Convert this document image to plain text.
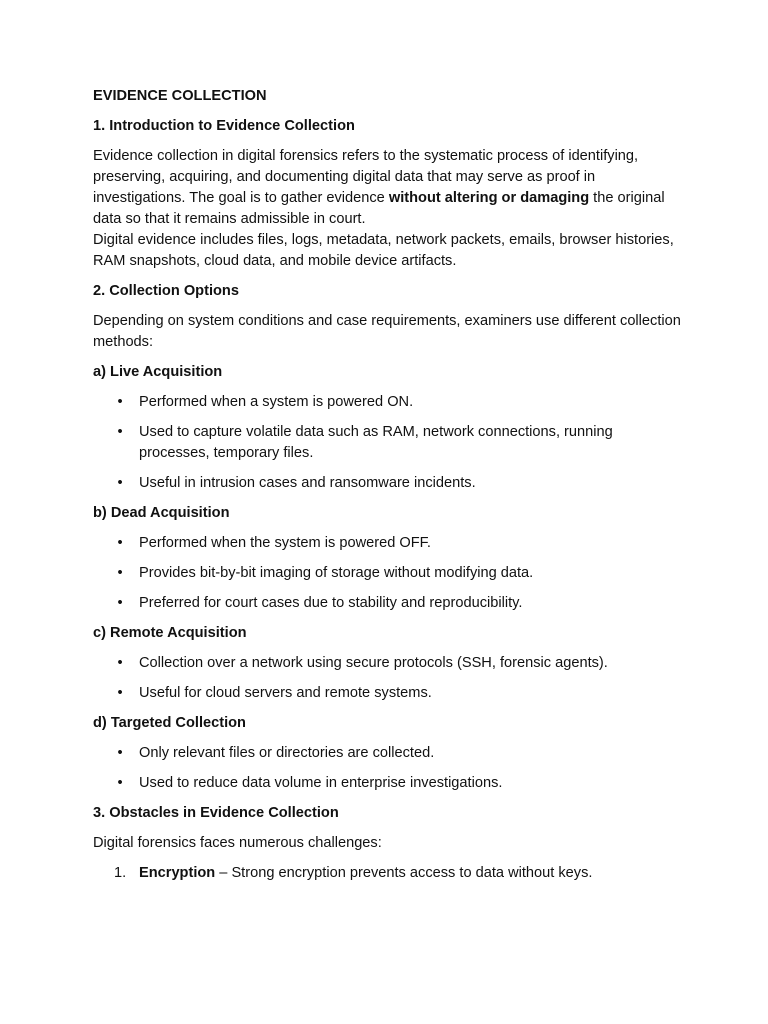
EVIDENCE COLLECTION

1. Introduction to Evidence Collection

Evidence collection in digital forensics refers to the systematic process of identifying, preserving, acquiring, and documenting digital data that may serve as proof in investigations. The goal is to gather evidence without altering or damaging the original data so that it remains admissible in court.
Digital evidence includes files, logs, metadata, network packets, emails, browser histories, RAM snapshots, cloud data, and mobile device artifacts.

2. Collection Options

Depending on system conditions and case requirements, examiners use different collection methods:

a) Live Acquisition

• Performed when a system is powered ON.
• Used to capture volatile data such as RAM, network connections, running processes, temporary files.
• Useful in intrusion cases and ransomware incidents.

b) Dead Acquisition

• Performed when the system is powered OFF.
• Provides bit-by-bit imaging of storage without modifying data.
• Preferred for court cases due to stability and reproducibility.

c) Remote Acquisition

• Collection over a network using secure protocols (SSH, forensic agents).
• Useful for cloud servers and remote systems.

d) Targeted Collection

• Only relevant files or directories are collected.
• Used to reduce data volume in enterprise investigations.

3. Obstacles in Evidence Collection

Digital forensics faces numerous challenges:

1. Encryption – Strong encryption prevents access to data without keys.
